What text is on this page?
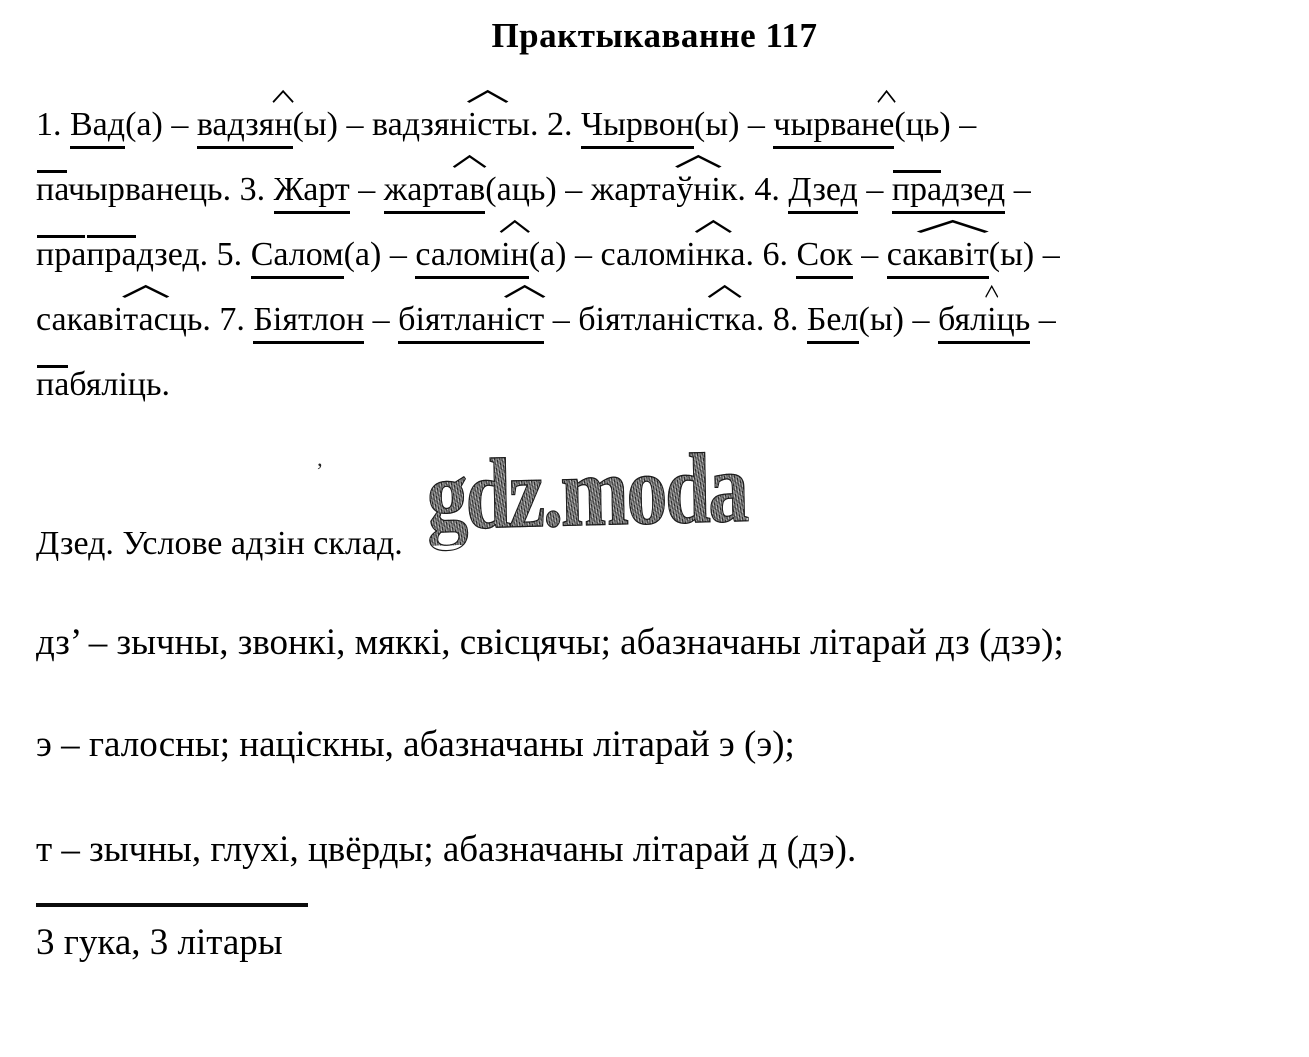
Практыкаванне 117
1. Вад(а) – вадзян
(ы) – вадзяніст
ы. 2. Чырвон(ы) – чырване
(ць) –
пачырванець. 3. Жарт – жартав
(аць) – жартаўні
к. 4. Дзед – прадзед –
прапрадзед. 5. Салом(а) – саломін
(а) – саломінк
а. 6. Сок – сакавіт
(ы) –
сакавітас
ць. 7. Біятлон – біятланіст
– біятланістк
а. 8. Бел(ы) – бялі
ць –
пабяліць.
’ gdz.moda
Дзед. Услове адзін склад.
дз’ – зычны, звонкі, мяккі, свісцячы; абазначаны літарай дз (дзэ);
э – галосны; націскны, абазначаны літарай э (э);
т – зычны, глухі, цвёрды; абазначаны літарай д (дэ).
3 гука, 3 літары
